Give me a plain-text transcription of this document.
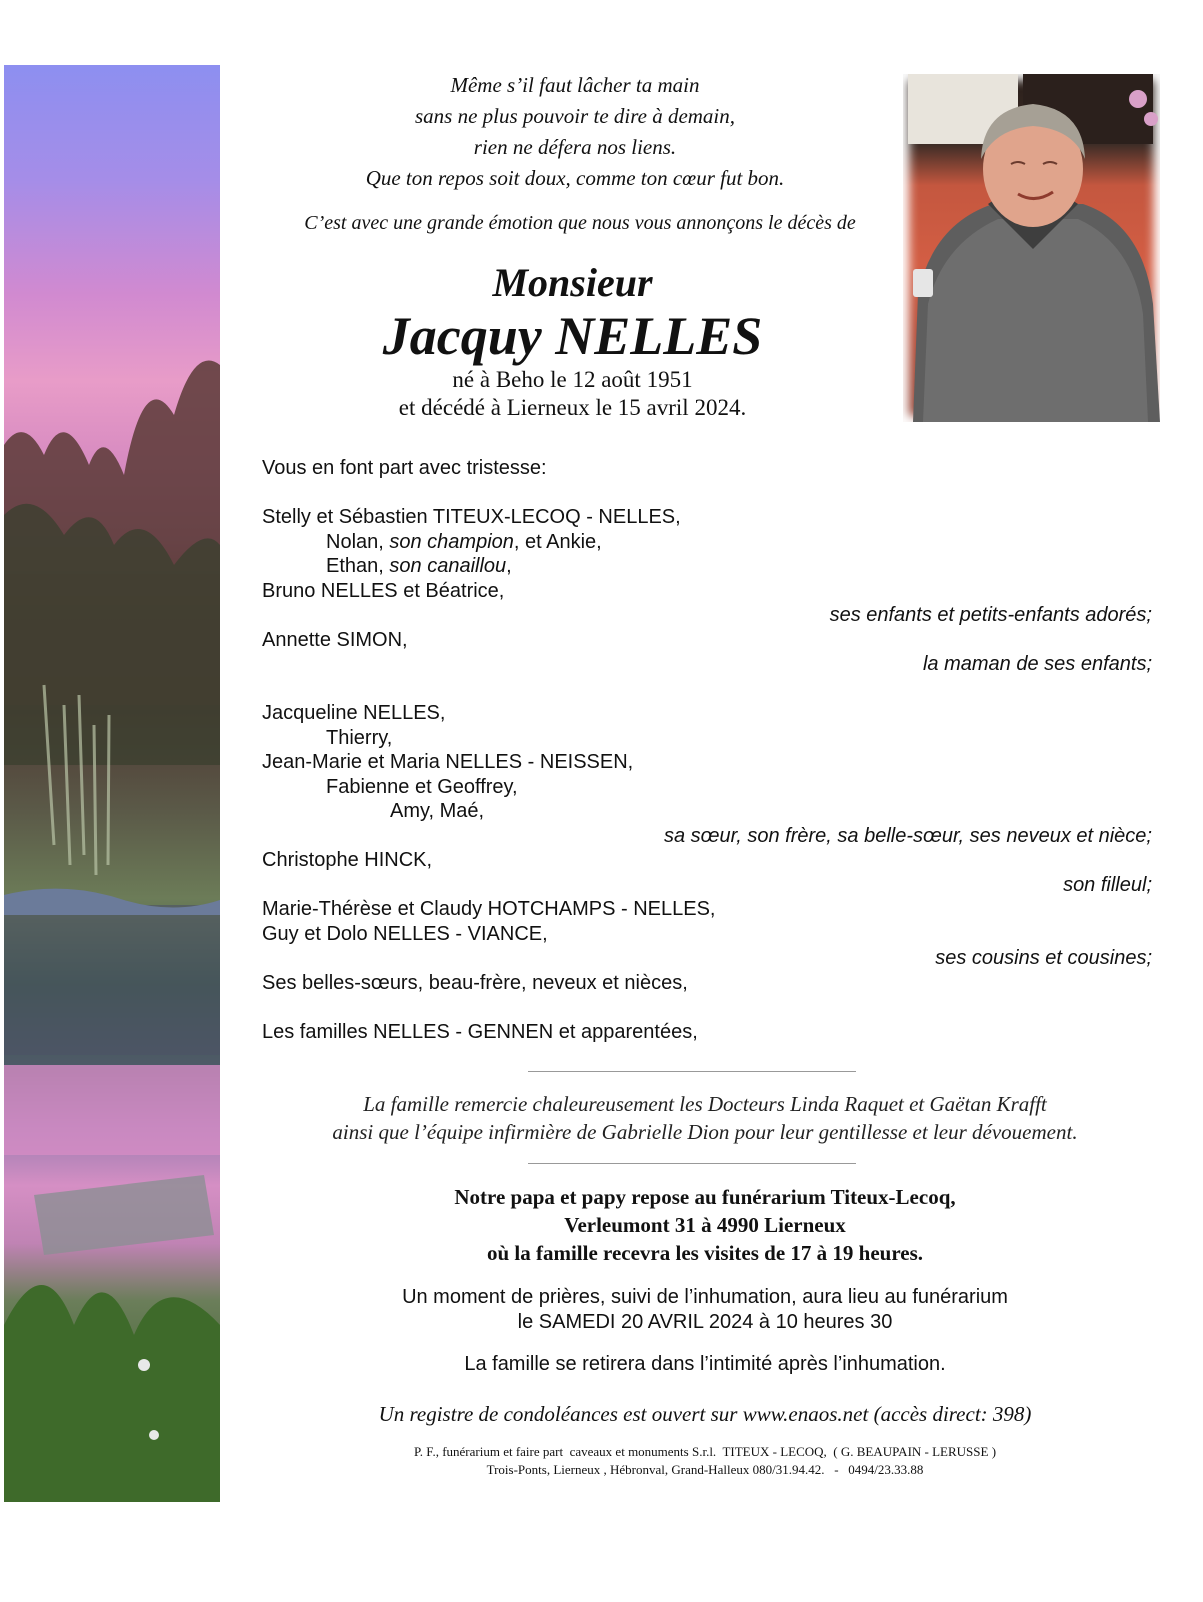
Même s’il faut lâcher ta main
sans ne plus pouvoir te dire à demain,
rien ne défera nos liens.
Que ton repos soit doux, comme ton cœur fut bon.
C’est avec une grande émotion que nous vous annonçons le décès de
Monsieur
Jacquy NELLES
né à Beho le 12 août 1951
et décédé à Lierneux le 15 avril 2024.
Vous en font part avec tristesse:
Stelly et Sébastien TITEUX-LECOQ - NELLES,
Nolan, son champion, et Ankie,
Ethan, son canaillou,
Bruno NELLES et Béatrice,
ses enfants et petits-enfants adorés;
Annette SIMON,
la maman de ses enfants;
Jacqueline NELLES,
Thierry,
Jean-Marie et Maria NELLES - NEISSEN,
Fabienne et Geoffrey,
Amy, Maé,
sa sœur, son frère, sa belle-sœur, ses neveux et nièce;
Christophe HINCK,
son filleul;
Marie-Thérèse et Claudy HOTCHAMPS - NELLES,
Guy et Dolo NELLES - VIANCE,
ses cousins et cousines;
Ses belles-sœurs, beau-frère, neveux et nièces,
Les familles NELLES - GENNEN et apparentées,
La famille remercie chaleureusement les Docteurs Linda Raquet et Gaëtan Krafft
ainsi que l’équipe infirmière de Gabrielle Dion pour leur gentillesse et leur dévouement.
Notre papa et papy repose au funérarium Titeux-Lecoq,
Verleumont 31 à 4990 Lierneux
où la famille recevra les visites de 17 à 19 heures.
Un moment de prières, suivi de l’inhumation, aura lieu au funérarium
le SAMEDI 20 AVRIL 2024 à 10 heures 30
La famille se retirera dans l’intimité après l’inhumation.
Un registre de condoléances est ouvert sur www.enaos.net (accès direct: 398)
P. F., funérarium et faire part  caveaux et monuments S.r.l.  TITEUX - LECOQ,  ( G. BEAUPAIN - LERUSSE )
Trois-Ponts, Lierneux , Hébronval, Grand-Halleux 080/31.94.42.   -   0494/23.33.88
